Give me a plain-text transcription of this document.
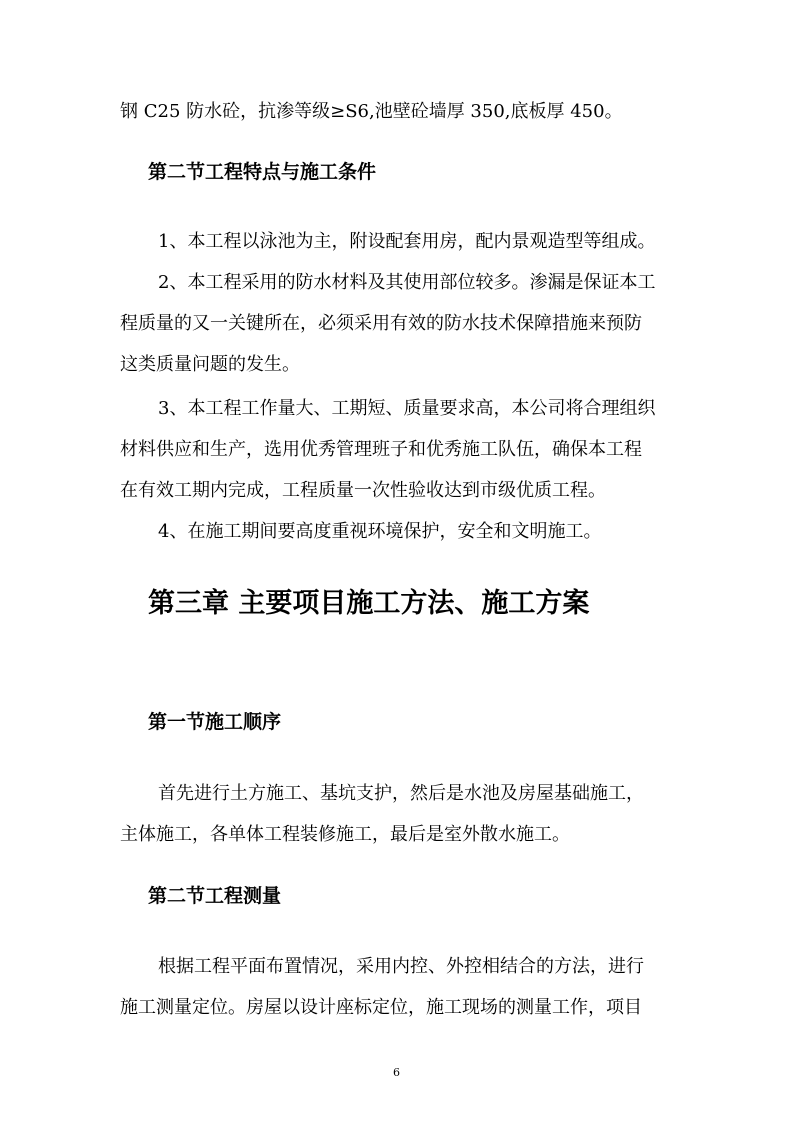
钢 C25 防水砼，抗渗等级≥S6,池壁砼墙厚 350,底板厚 450。
第二节工程特点与施工条件
1、本工程以泳池为主，附设配套用房，配内景观造型等组成。
2、本工程采用的防水材料及其使用部位较多。渗漏是保证本工
程质量的又一关键所在，必须采用有效的防水技术保障措施来预防
这类质量问题的发生。
3、本工程工作量大、工期短、质量要求高，本公司将合理组织
材料供应和生产，选用优秀管理班子和优秀施工队伍，确保本工程
在有效工期内完成，工程质量一次性验收达到市级优质工程。
4、在施工期间要高度重视环境保护，安全和文明施工。
第三章 主要项目施工方法、施工方案
第一节施工顺序
首先进行土方施工、基坑支护，然后是水池及房屋基础施工，
主体施工，各单体工程装修施工，最后是室外散水施工。
第二节工程测量
根据工程平面布置情况，采用内控、外控相结合的方法，进行
施工测量定位。房屋以设计座标定位，施工现场的测量工作，项目
6
